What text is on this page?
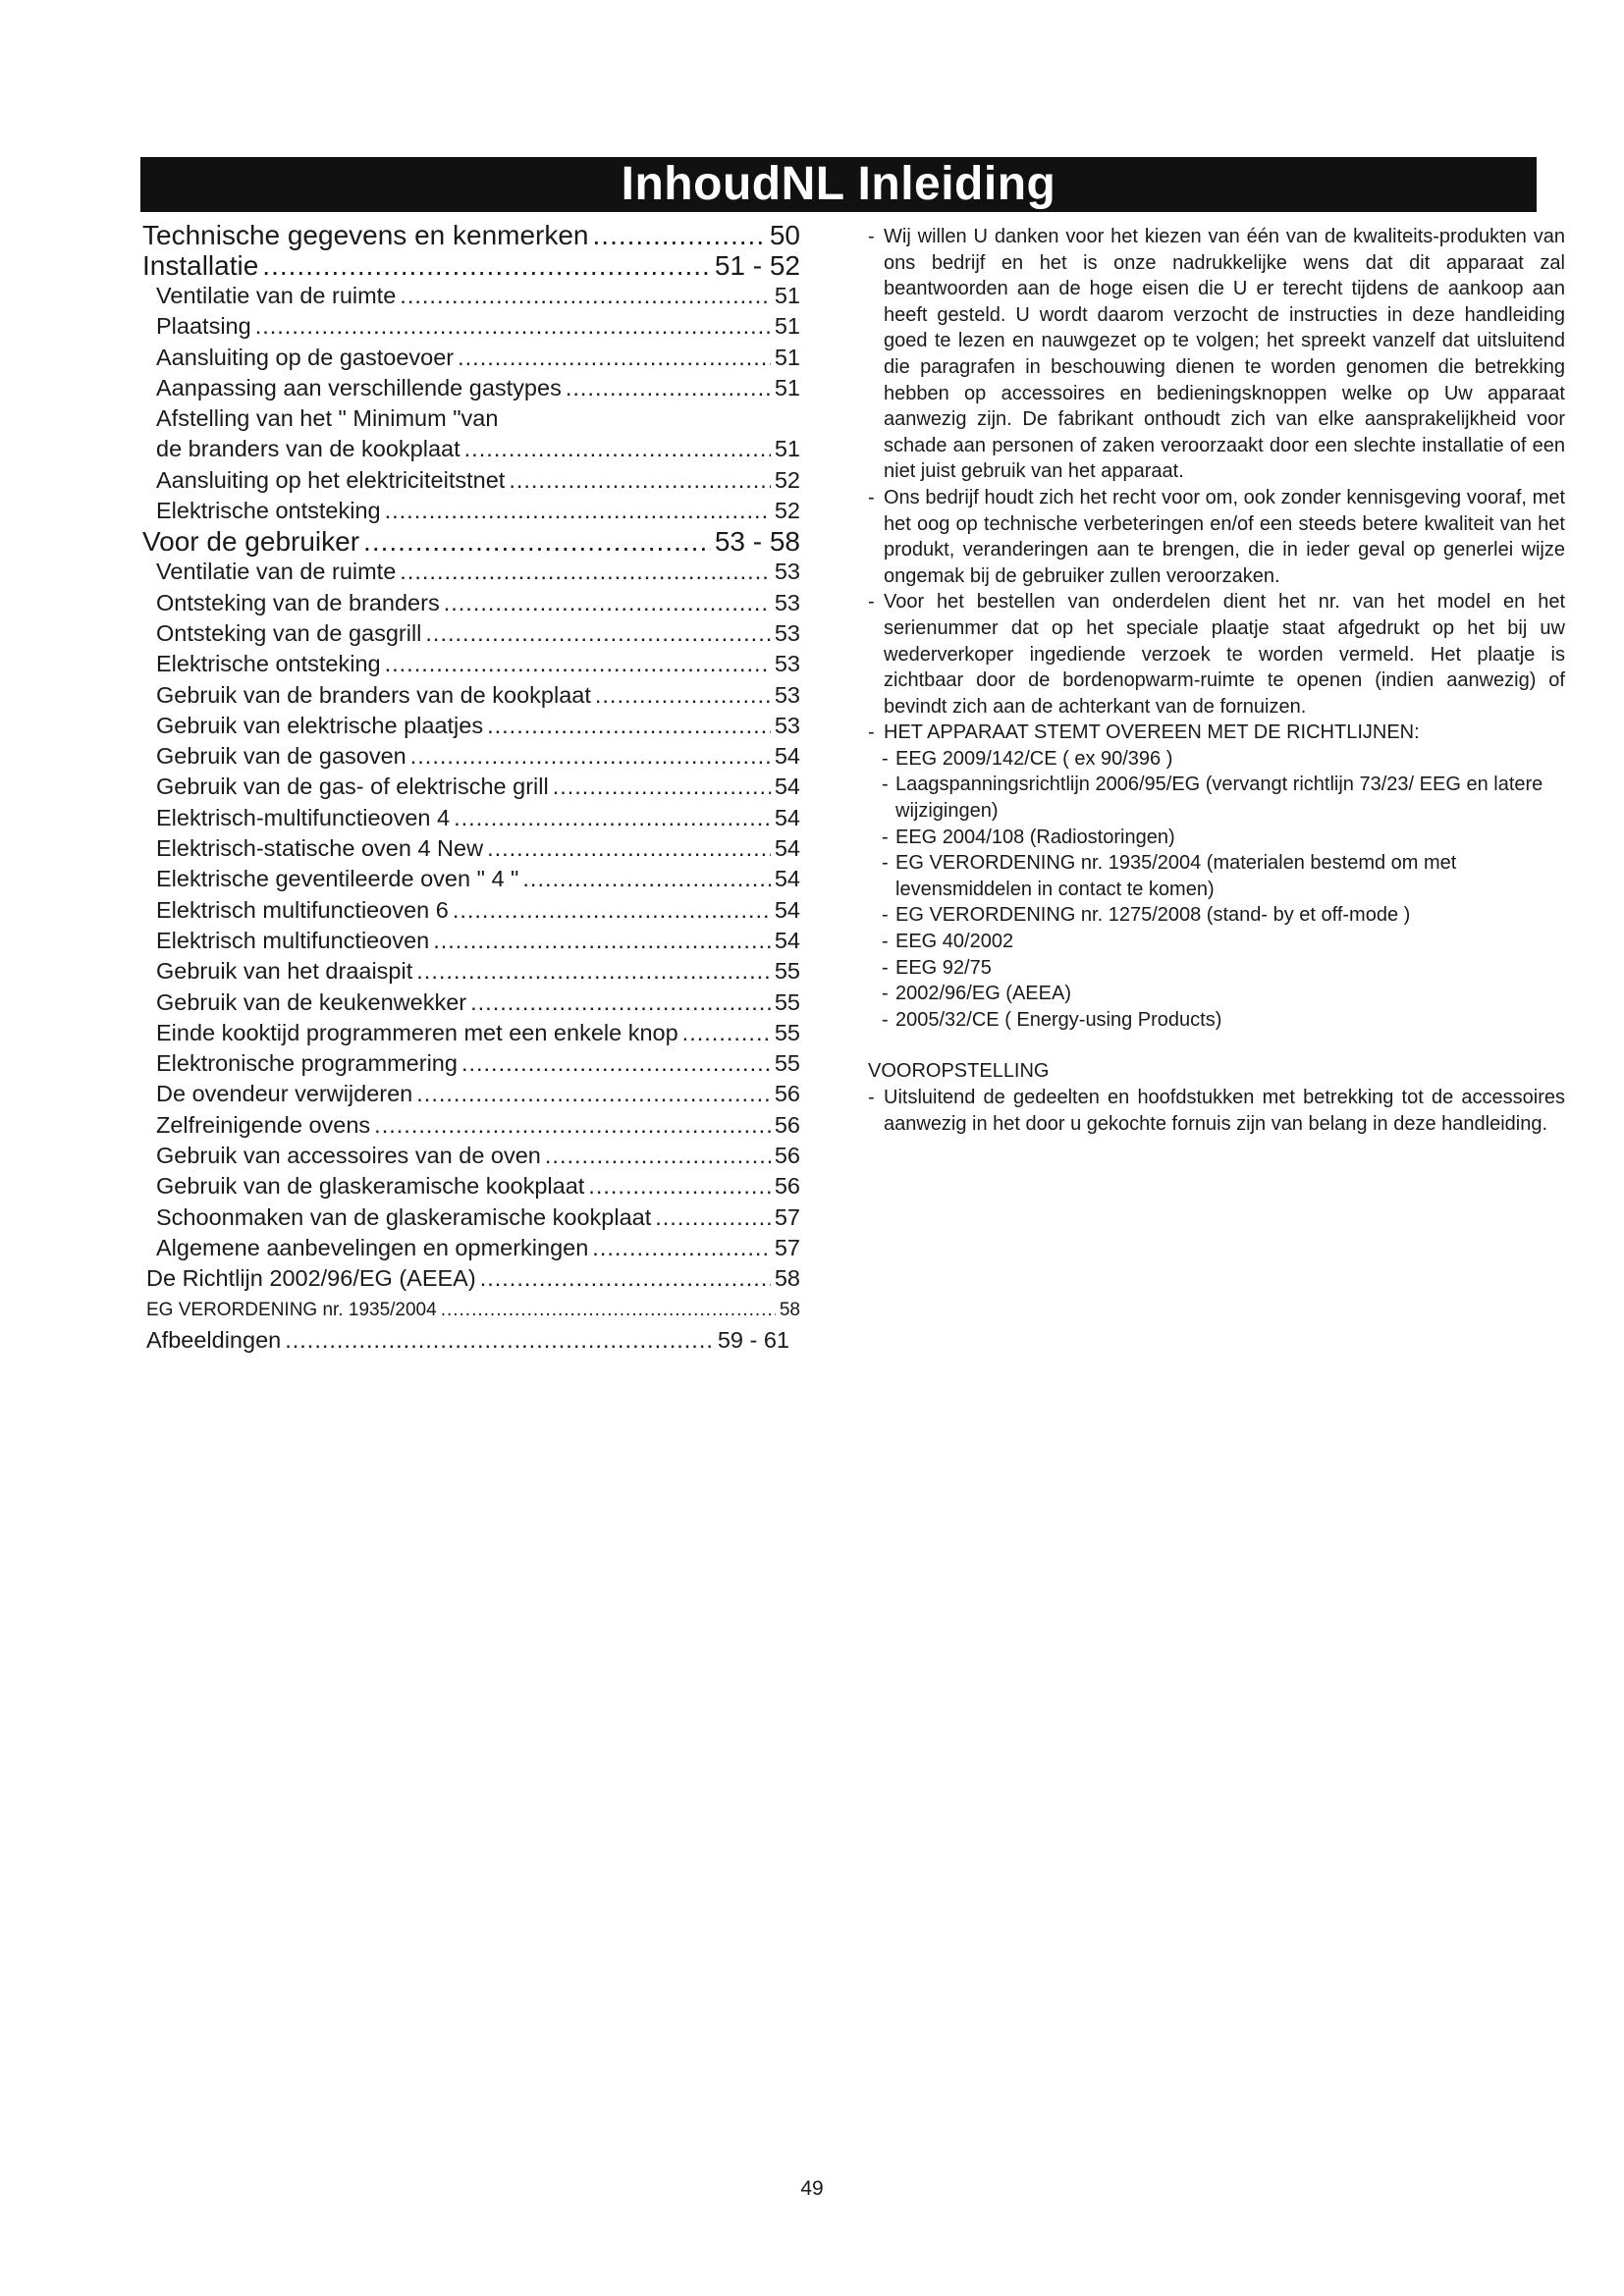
InhoudNL Inleiding
Technische gegevens en kenmerken .....	50
Installatie .....	51 - 52
Ventilatie van de ruimte .....	51
Plaatsing .....	51
Aansluiting op de gastoevoer .....	51
Aanpassing aan verschillende gastypes .....	51
Afstelling van het " Minimum "van
de branders van de kookplaat .....	51
Aansluiting op het elektriciteitstnet .....	52
Elektrische ontsteking .....	52
Voor de gebruiker .....	53 - 58
Ventilatie van de ruimte .....	53
Ontsteking van de branders .....	53
Ontsteking van de gasgrill .....	53
Elektrische ontsteking .....	53
Gebruik van de branders van de kookplaat .....	53
Gebruik van elektrische plaatjes .....	53
Gebruik van de gasoven .....	54
Gebruik van de gas- of elektrische grill .....	54
Elektrisch-multifunctieoven 4 .....	54
Elektrisch-statische oven 4 New .....	54
Elektrische geventileerde oven " 4 " .....	54
Elektrisch multifunctieoven 6 .....	54
Elektrisch multifunctieoven .....	54
Gebruik van het draaispit .....	55
Gebruik van de keukenwekker .....	55
Einde kooktijd programmeren met een enkele knop .....	55
Elektronische programmering .....	55
De ovendeur verwijderen .....	56
Zelfreinigende ovens .....	56
Gebruik van accessoires van de oven .....	56
Gebruik van de glaskeramische kookplaat .....	56
Schoonmaken van de glaskeramische kookplaat .....	57
Algemene aanbevelingen en opmerkingen .....	57
De Richtlijn 2002/96/EG (AEEA) .....	58
EG VERORDENING nr. 1935/2004 .....	58
Afbeeldingen .....	59 - 61
- Wij willen U danken voor het kiezen van één van de kwaliteits-produkten van ons bedrijf en het is onze nadrukkelijke wens dat dit apparaat zal beantwoorden aan de hoge eisen die U er terecht tijdens de aankoop aan heeft gesteld. U wordt daarom verzocht de instructies in deze handleiding goed te lezen en nauwgezet op te volgen; het spreekt vanzelf dat uitsluitend die paragrafen in beschouwing dienen te worden genomen die betrekking hebben op accessoires en bedieningsknoppen welke op Uw apparaat aanwezig zijn. De fabrikant onthoudt zich van elke aansprakelijkheid voor schade aan personen of zaken veroorzaakt door een slechte installatie of een niet juist gebruik van het apparaat.
- Ons bedrijf houdt zich het recht voor om, ook zonder kennisgeving vooraf, met het oog op technische verbeteringen en/of een steeds betere kwaliteit van het produkt, veranderingen aan te brengen, die in ieder geval op generlei wijze ongemak bij de gebruiker zullen veroorzaken.
- Voor het bestellen van onderdelen dient het nr. van het model en het serienummer dat op het speciale plaatje staat afgedrukt op het bij uw wederverkoper ingediende verzoek te worden vermeld. Het plaatje is zichtbaar door de bordenopwarm-ruimte te openen (indien aanwezig) of bevindt zich aan de achterkant van de fornuizen.
- HET APPARAAT STEMT OVEREEN MET DE RICHTLIJNEN:
- EEG 2009/142/CE ( ex 90/396 )
- Laagspanningsrichtlijn 2006/95/EG (vervangt richtlijn 73/23/ EEG en latere wijzigingen)
- EEG 2004/108 (Radiostoringen)
- EG VERORDENING nr. 1935/2004 (materialen bestemd om met levensmiddelen in contact te komen)
- EG VERORDENING nr. 1275/2008 (stand- by et off-mode )
- EEG 40/2002
- EEG 92/75
- 2002/96/EG (AEEA)
- 2005/32/CE ( Energy-using Products)
VOOROPSTELLING
- Uitsluitend de gedeelten en hoofdstukken met betrekking tot de accessoires aanwezig in het door u gekochte fornuis zijn van belang in deze handleiding.
49
